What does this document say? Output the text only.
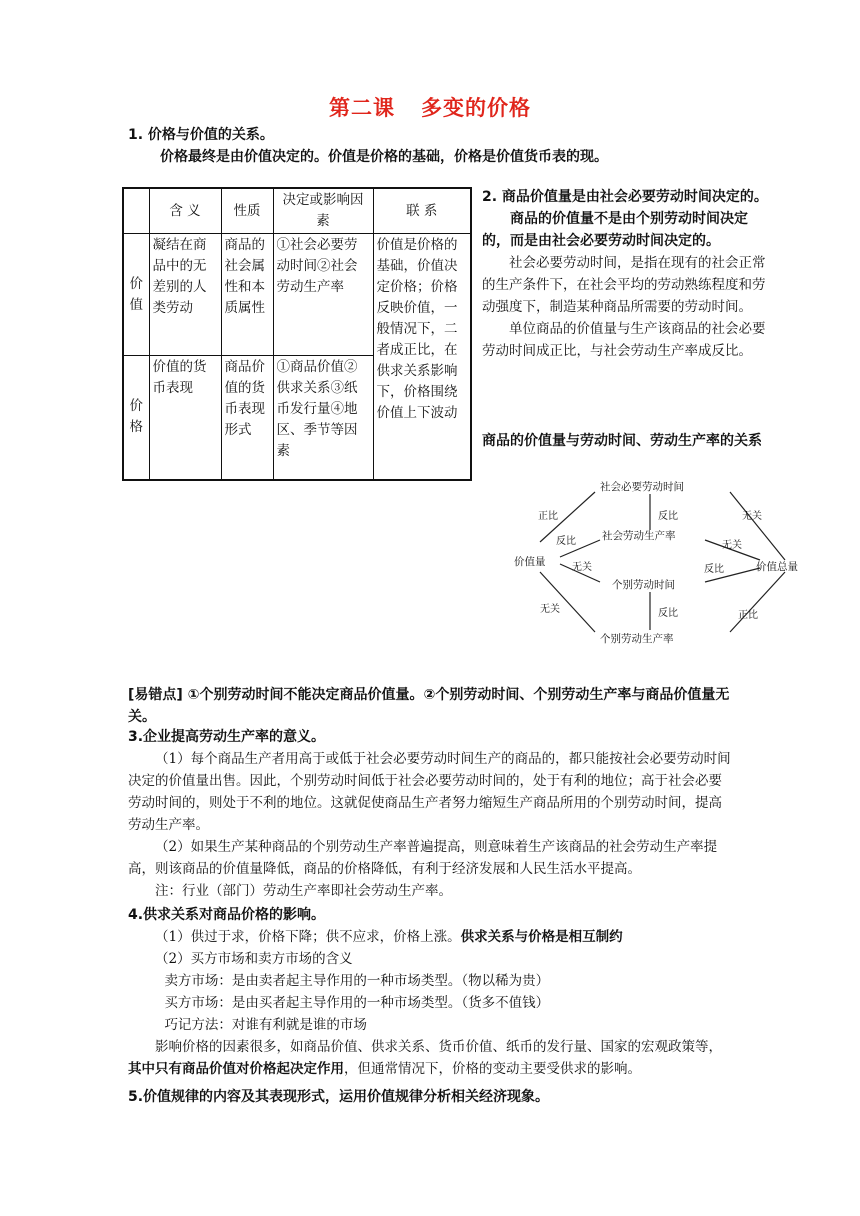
第二课 多变的价格
1. 价格与价值的关系。
价格最终是由价值决定的。价值是价格的基础，价格是价值货币表的现。
	含 义	性质	决定或影响因素	联 系
价值	凝结在商品中的无差别的人类劳动	商品的社会属性和本质属性	①社会必要劳动时间②社会劳动生产率	价值是价格的基础，价值决定价格；价格反映价值，一般情况下，二者成正比，在供求关系影响下，价格围绕价值上下波动
价格	价值的货币表现	商品价值的货币表现形式	①商品价值②供求关系③纸币发行量④地区、季节等因素	
2. 商品价值量是由社会必要劳动时间决定的。
商品的价值量不是由个别劳动时间决定的，而是由社会必要劳动时间决定的。
社会必要劳动时间，是指在现有的社会正常的生产条件下，在社会平均的劳动熟练程度和劳动强度下，制造某种商品所需要的劳动时间。
单位商品的价值量与生产该商品的社会必要劳动时间成正比，与社会劳动生产率成反比。
商品的价值量与劳动时间、劳动生产率的关系
社会必要劳动时间
社会劳动生产率
价值量	价值总量
个别劳动时间
个别劳动生产率
正比	反比	无关
反比	无关
无关	反比
无关	反比	正比
[易错点] ①个别劳动时间不能决定商品价值量。②个别劳动时间、个别劳动生产率与商品价值量无关。
3.企业提高劳动生产率的意义。
（1）每个商品生产者用高于或低于社会必要劳动时间生产的商品的，都只能按社会必要劳动时间决定的价值量出售。因此，个别劳动时间低于社会必要劳动时间的，处于有利的地位；高于社会必要劳动时间的，则处于不利的地位。这就促使商品生产者努力缩短生产商品所用的个别劳动时间，提高劳动生产率。
（2）如果生产某种商品的个别劳动生产率普遍提高，则意味着生产该商品的社会劳动生产率提高，则该商品的价值量降低，商品的价格降低，有利于经济发展和人民生活水平提高。
注：行业（部门）劳动生产率即社会劳动生产率。
4.供求关系对商品价格的影响。
（1）供过于求，价格下降；供不应求，价格上涨。供求关系与价格是相互制约
（2）买方市场和卖方市场的含义
卖方市场：是由卖者起主导作用的一种市场类型。（物以稀为贵）
买方市场：是由买者起主导作用的一种市场类型。（货多不值钱）
巧记方法：对谁有利就是谁的市场
影响价格的因素很多，如商品价值、供求关系、货币价值、纸币的发行量、国家的宏观政策等，其中只有商品价值对价格起决定作用，但通常情况下，价格的变动主要受供求的影响。
5.价值规律的内容及其表现形式，运用价值规律分析相关经济现象。
